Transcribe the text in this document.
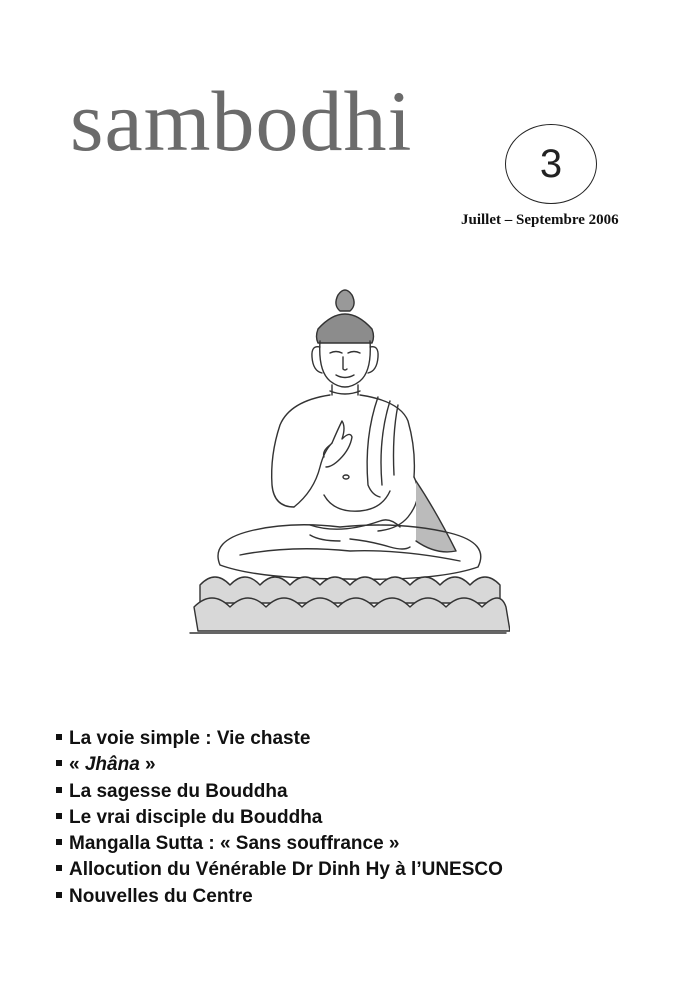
sambodhi	3
Juillet – Septembre 2006
La voie simple : Vie chaste
« Jhâna »
La sagesse du Bouddha
Le vrai disciple du Bouddha
Mangalla Sutta : « Sans souffrance »
Allocution du Vénérable Dr Dinh Hy à l’UNESCO
Nouvelles du Centre
